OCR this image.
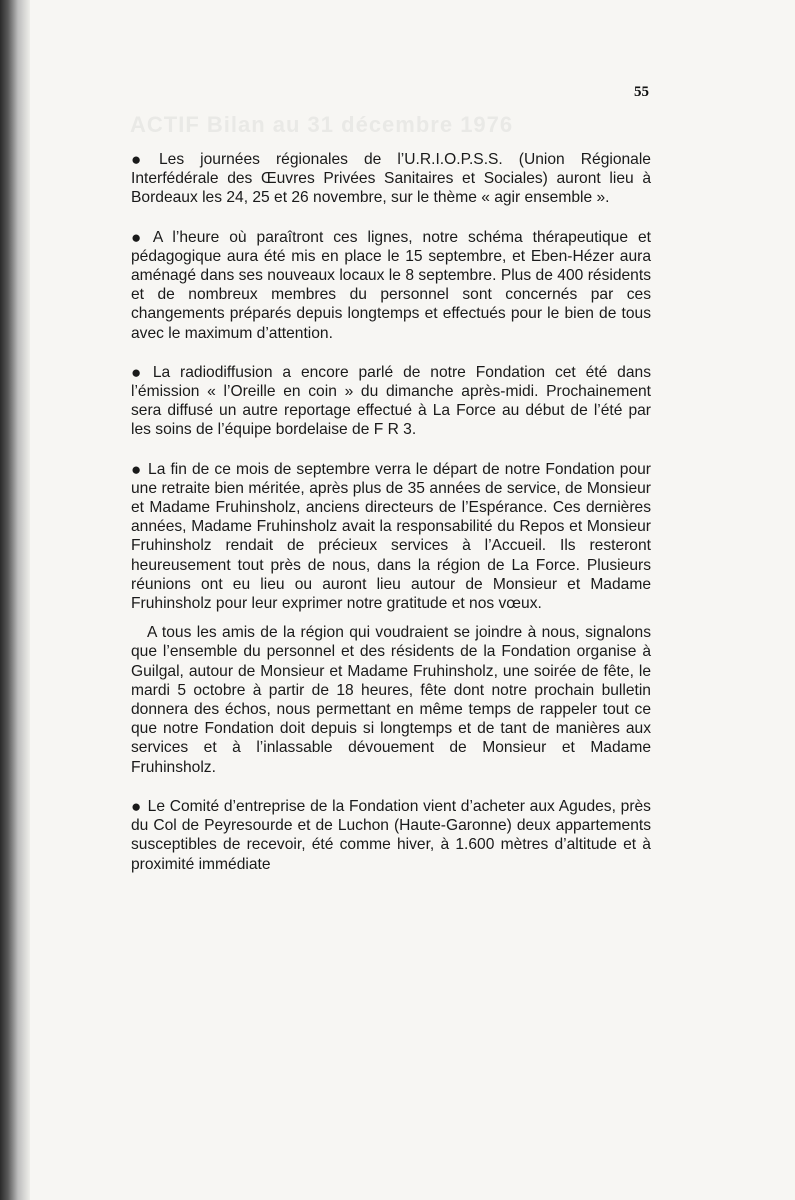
ACTIF Bilan au 31 décembre 1976
55

● Les journées régionales de l’U.R.I.O.P.S.S. (Union Régionale Interfédérale des Œuvres Privées Sanitaires et Sociales) auront lieu à Bordeaux les 24, 25 et 26 novembre, sur le thème « agir ensemble ».

● A l’heure où paraîtront ces lignes, notre schéma thérapeutique et pédagogique aura été mis en place le 15 septembre, et Eben-Hézer aura aménagé dans ses nouveaux locaux le 8 septembre. Plus de 400 résidents et de nombreux membres du personnel sont concernés par ces changements préparés depuis longtemps et effectués pour le bien de tous avec le maximum d’attention.

● La radiodiffusion a encore parlé de notre Fondation cet été dans l’émission « l’Oreille en coin » du dimanche après-midi. Prochainement sera diffusé un autre reportage effectué à La Force au début de l’été par les soins de l’équipe bordelaise de F R 3.

● La fin de ce mois de septembre verra le départ de notre Fondation pour une retraite bien méritée, après plus de 35 années de service, de Monsieur et Madame Fruhinsholz, anciens directeurs de l’Espérance. Ces dernières années, Madame Fruhinsholz avait la responsabilité du Repos et Monsieur Fruhinsholz rendait de précieux services à l’Accueil. Ils resteront heureusement tout près de nous, dans la région de La Force. Plusieurs réunions ont eu lieu ou auront lieu autour de Monsieur et Madame Fruhinsholz pour leur exprimer notre gratitude et nos vœux.

A tous les amis de la région qui voudraient se joindre à nous, signalons que l’ensemble du personnel et des résidents de la Fondation organise à Guilgal, autour de Monsieur et Madame Fruhinsholz, une soirée de fête, le mardi 5 octobre à partir de 18 heures, fête dont notre prochain bulletin donnera des échos, nous permettant en même temps de rappeler tout ce que notre Fondation doit depuis si longtemps et de tant de manières aux services et à l’inlassable dévouement de Monsieur et Madame Fruhinsholz.

● Le Comité d’entreprise de la Fondation vient d’acheter aux Agudes, près du Col de Peyresourde et de Luchon (Haute-Garonne) deux appartements susceptibles de recevoir, été comme hiver, à 1.600 mètres d’altitude et à proximité immédiate
